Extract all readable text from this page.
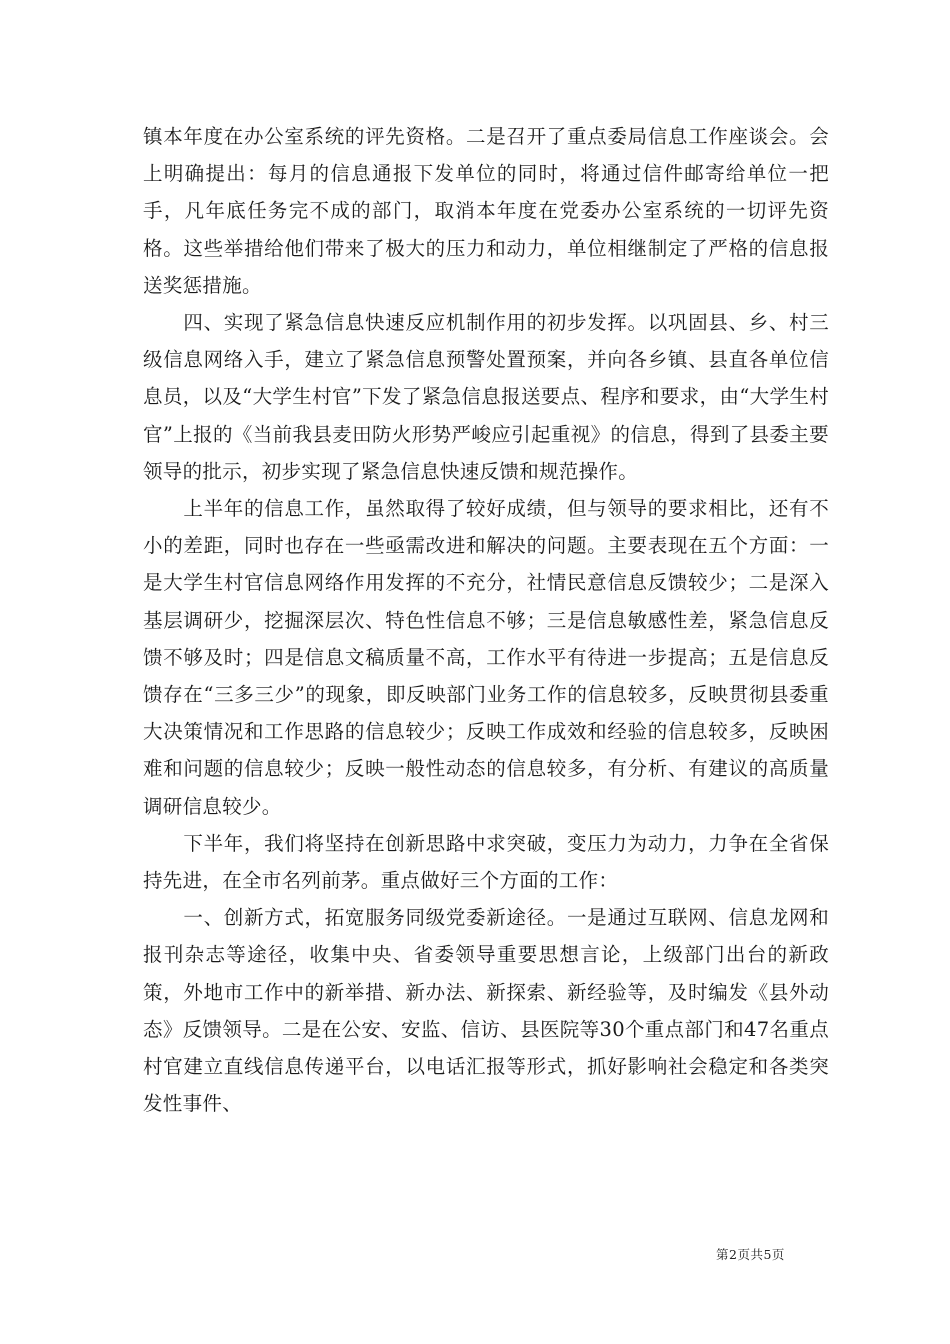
镇本年度在办公室系统的评先资格。二是召开了重点委局信息工作座谈会。会上明确提出：每月的信息通报下发单位的同时，将通过信件邮寄给单位一把手，凡年底任务完不成的部门，取消本年度在党委办公室系统的一切评先资格。这些举措给他们带来了极大的压力和动力，单位相继制定了严格的信息报送奖惩措施。

　　四、实现了紧急信息快速反应机制作用的初步发挥。以巩固县、乡、村三级信息网络入手，建立了紧急信息预警处置预案，并向各乡镇、县直各单位信息员，以及“大学生村官”下发了紧急信息报送要点、程序和要求，由“大学生村官”上报的《当前我县麦田防火形势严峻应引起重视》的信息，得到了县委主要领导的批示，初步实现了紧急信息快速反馈和规范操作。

　　上半年的信息工作，虽然取得了较好成绩，但与领导的要求相比，还有不小的差距，同时也存在一些亟需改进和解决的问题。主要表现在五个方面：一是大学生村官信息网络作用发挥的不充分，社情民意信息反馈较少；二是深入基层调研少，挖掘深层次、特色性信息不够；三是信息敏感性差，紧急信息反馈不够及时；四是信息文稿质量不高，工作水平有待进一步提高；五是信息反馈存在“三多三少”的现象，即反映部门业务工作的信息较多，反映贯彻县委重大决策情况和工作思路的信息较少；反映工作成效和经验的信息较多，反映困难和问题的信息较少；反映一般性动态的信息较多，有分析、有建议的高质量调研信息较少。

　　下半年，我们将坚持在创新思路中求突破，变压力为动力，力争在全省保持先进，在全市名列前茅。重点做好三个方面的工作：

　　一、创新方式，拓宽服务同级党委新途径。一是通过互联网、信息龙网和报刊杂志等途径，收集中央、省委领导重要思想言论，上级部门出台的新政策，外地市工作中的新举措、新办法、新探索、新经验等，及时编发《县外动态》反馈领导。二是在公安、安监、信访、县医院等30个重点部门和47名重点村官建立直线信息传递平台，以电话汇报等形式，抓好影响社会稳定和各类突发性事件、

第2页共5页
